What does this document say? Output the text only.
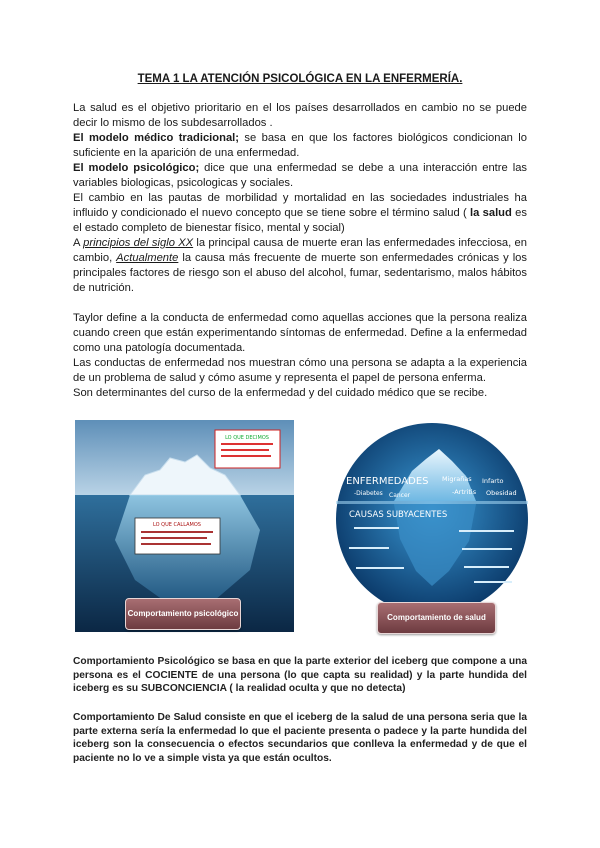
TEMA 1 LA ATENCIÓN PSICOLÓGICA EN LA ENFERMERÍA.

La salud es el objetivo prioritario en el los países desarrollados en cambio no se puede decir lo mismo de los subdesarrollados .

El modelo médico tradicional; se basa en que los factores biológicos condicionan lo suficiente en la aparición de una enfermedad.

El modelo psicológico; dice que una enfermedad se debe a una interacción entre las variables biologicas, psicologicas y sociales.

El cambio en las pautas de morbilidad y mortalidad en las sociedades industriales ha influido y condicionado el nuevo concepto que se tiene sobre el término salud ( la salud es el estado completo de bienestar físico, mental y social)

A principios del siglo XX la principal causa de muerte eran las enfermedades infecciosa, en cambio, Actualmente la causa más frecuente de muerte son enfermedades crónicas y los principales factores de riesgo son el abuso del alcohol, fumar, sedentarismo, malos hábitos de nutrición.

Taylor define a la conducta de enfermedad como aquellas acciones que la persona realiza cuando creen que están experimentando síntomas de enfermedad. Define a la enfermedad como una patología documentada.

Las conductas de enfermedad nos muestran cómo una persona se adapta a la experiencia de un problema de salud y cómo asume y representa el papel de persona enferma.

Son determinantes del curso de la enfermedad y del cuidado médico que se recibe.

LO QUE DECIMOS
LO QUE CALLAMOS
Comportamiento psicológico
ENFERMEDADES
-Diabetes Cancer
Migrañas Infarto
-Artritis Obesidad
CAUSAS SUBYACENTES
Comportamiento de salud
Comportamiento Psicológico se basa en que la parte exterior del iceberg que compone a una persona es el COCIENTE de una persona (lo que capta su realidad) y la parte hundida del iceberg es su SUBCONCIENCIA ( la realidad oculta y que no detecta)
Comportamiento De Salud consiste en que el iceberg de la salud de una persona seria que la parte externa sería la enfermedad lo que el paciente presenta o padece y la parte hundida del iceberg son la consecuencia o efectos secundarios que conlleva la enfermedad y de que el paciente no lo ve a simple vista ya que están ocultos.
